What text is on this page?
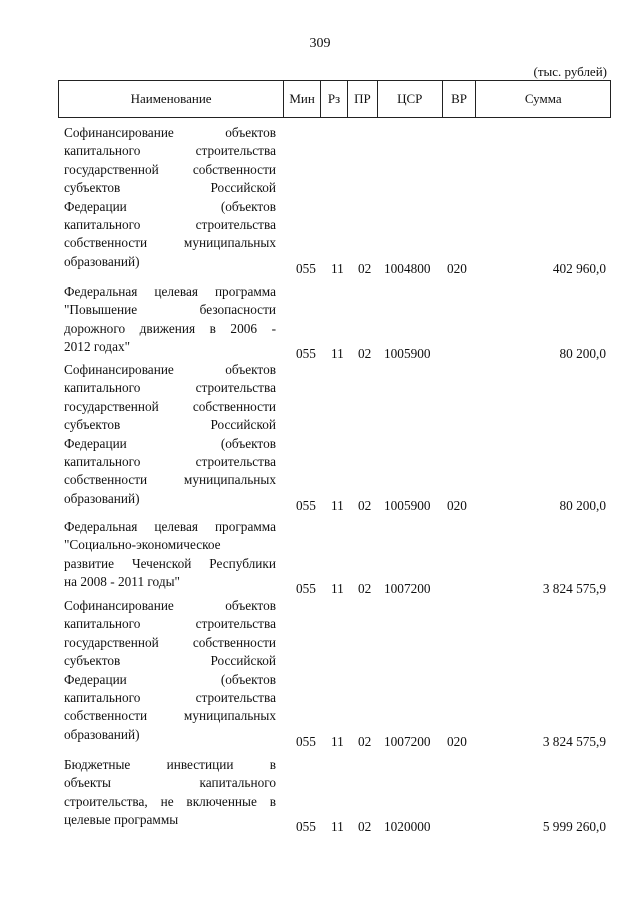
309
(тыс. рублей)
Наименование	Мин Рз	ПР	ЦСР	ВР	Сумма
Софинансирование объектов
капитального строительства
государственной собственности
субъектов Российской
Федерации (объектов
капитального строительства
собственности муниципальных
образований)	055 11 02 1004800 020	402 960,0
Федеральная целевая программа
"Повышение безопасности
дорожного движения в 2006 -
2012 годах"	055 11 02 1005900	80 200,0
Софинансирование объектов
капитального строительства
государственной собственности
субъектов Российской
Федерации (объектов
капитального строительства
собственности муниципальных
образований)	055 11 02 1005900 020	80 200,0
Федеральная целевая программа
"Социально-экономическое
развитие Чеченской Республики
на 2008 - 2011 годы"	055 11 02 1007200	3 824 575,9
Софинансирование объектов
капитального строительства
государственной собственности
субъектов Российской
Федерации (объектов
капитального строительства
собственности муниципальных
образований)	055 11 02 1007200 020	3 824 575,9
Бюджетные инвестиции в
объекты капитального
строительства, не включенные в
целевые программы	055 11 02 1020000	5 999 260,0
